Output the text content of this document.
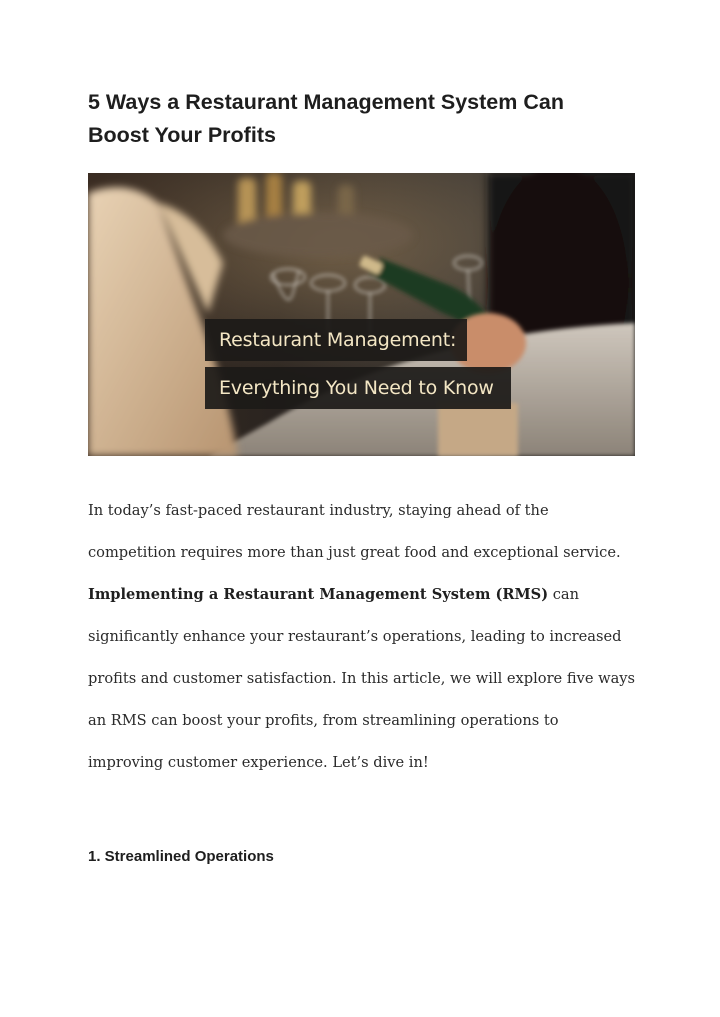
5 Ways a Restaurant Management System Can
Boost Your Profits
Restaurant Management:
Everything You Need to Know

In today’s fast-paced restaurant industry, staying ahead of the
competition requires more than just great food and exceptional service.
Implementing a Restaurant Management System (RMS) can
significantly enhance your restaurant’s operations, leading to increased
profits and customer satisfaction. In this article, we will explore five ways
an RMS can boost your profits, from streamlining operations to
improving customer experience. Let’s dive in!

1. Streamlined Operations
